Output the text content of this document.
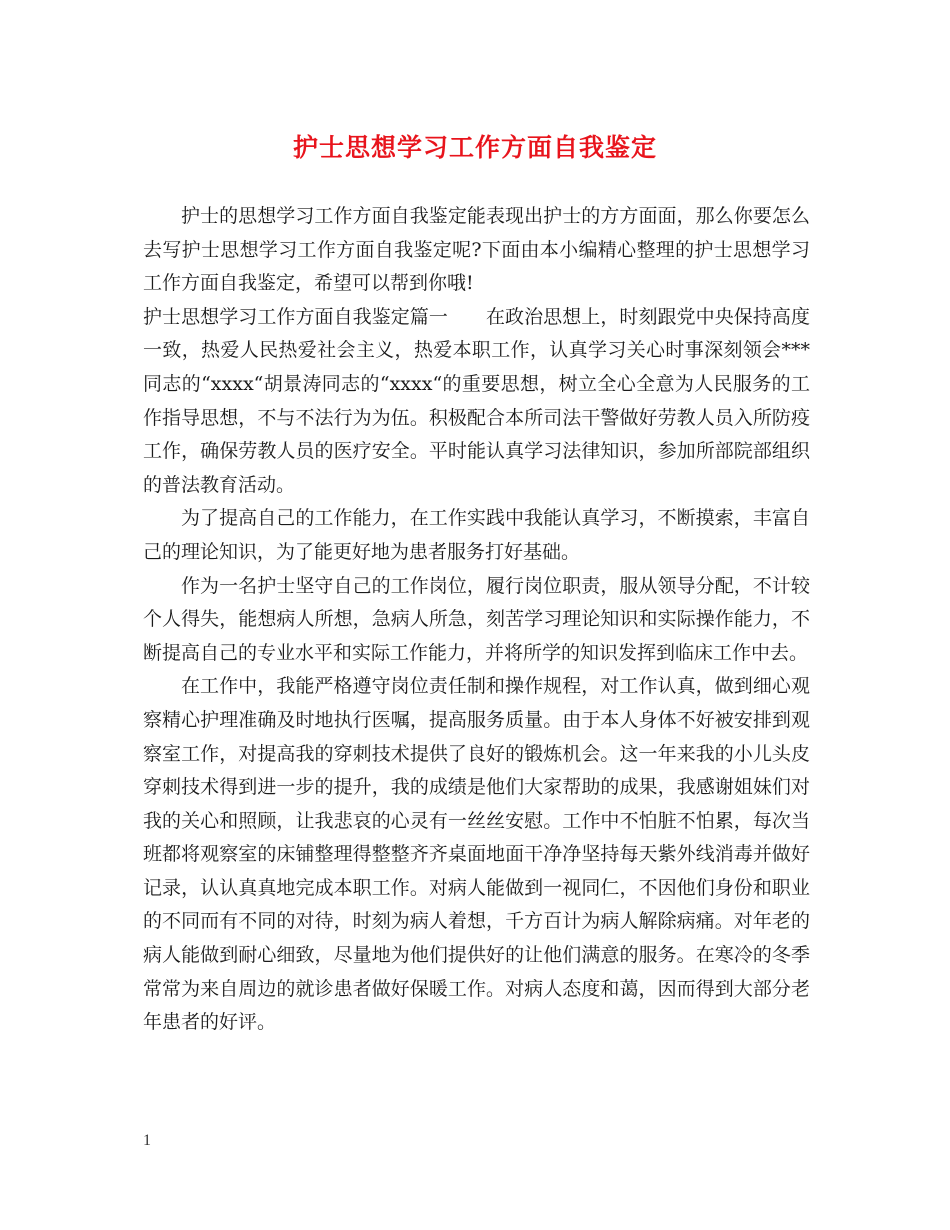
护士思想学习工作方面自我鉴定

护士的思想学习工作方面自我鉴定能表现出护士的方方面面，那么你要怎么去写护士思想学习工作方面自我鉴定呢?下面由本小编精心整理的护士思想学习工作方面自我鉴定，希望可以帮到你哦!

护士思想学习工作方面自我鉴定篇一 在政治思想上，时刻跟党中央保持高度一致，热爱人民热爱社会主义，热爱本职工作，认真学习关心时事深刻领会***同志的“xxxx“胡景涛同志的“xxxx“的重要思想，树立全心全意为人民服务的工作指导思想，不与不法行为为伍。积极配合本所司法干警做好劳教人员入所防疫工作，确保劳教人员的医疗安全。平时能认真学习法律知识，参加所部院部组织的普法教育活动。

为了提高自己的工作能力，在工作实践中我能认真学习，不断摸索，丰富自己的理论知识，为了能更好地为患者服务打好基础。

作为一名护士坚守自己的工作岗位，履行岗位职责，服从领导分配，不计较个人得失，能想病人所想，急病人所急，刻苦学习理论知识和实际操作能力，不断提高自己的专业水平和实际工作能力，并将所学的知识发挥到临床工作中去。

在工作中，我能严格遵守岗位责任制和操作规程，对工作认真，做到细心观察精心护理准确及时地执行医嘱，提高服务质量。由于本人身体不好被安排到观察室工作，对提高我的穿刺技术提供了良好的锻炼机会。这一年来我的小儿头皮穿刺技术得到进一步的提升，我的成绩是他们大家帮助的成果，我感谢姐妹们对我的关心和照顾，让我悲哀的心灵有一丝丝安慰。工作中不怕脏不怕累，每次当班都将观察室的床铺整理得整整齐齐桌面地面干净净坚持每天紫外线消毒并做好记录，认认真真地完成本职工作。对病人能做到一视同仁，不因他们身份和职业的不同而有不同的对待，时刻为病人着想，千方百计为病人解除病痛。对年老的病人能做到耐心细致，尽量地为他们提供好的让他们满意的服务。在寒冷的冬季常常为来自周边的就诊患者做好保暖工作。对病人态度和蔼，因而得到大部分老年患者的好评。

1
